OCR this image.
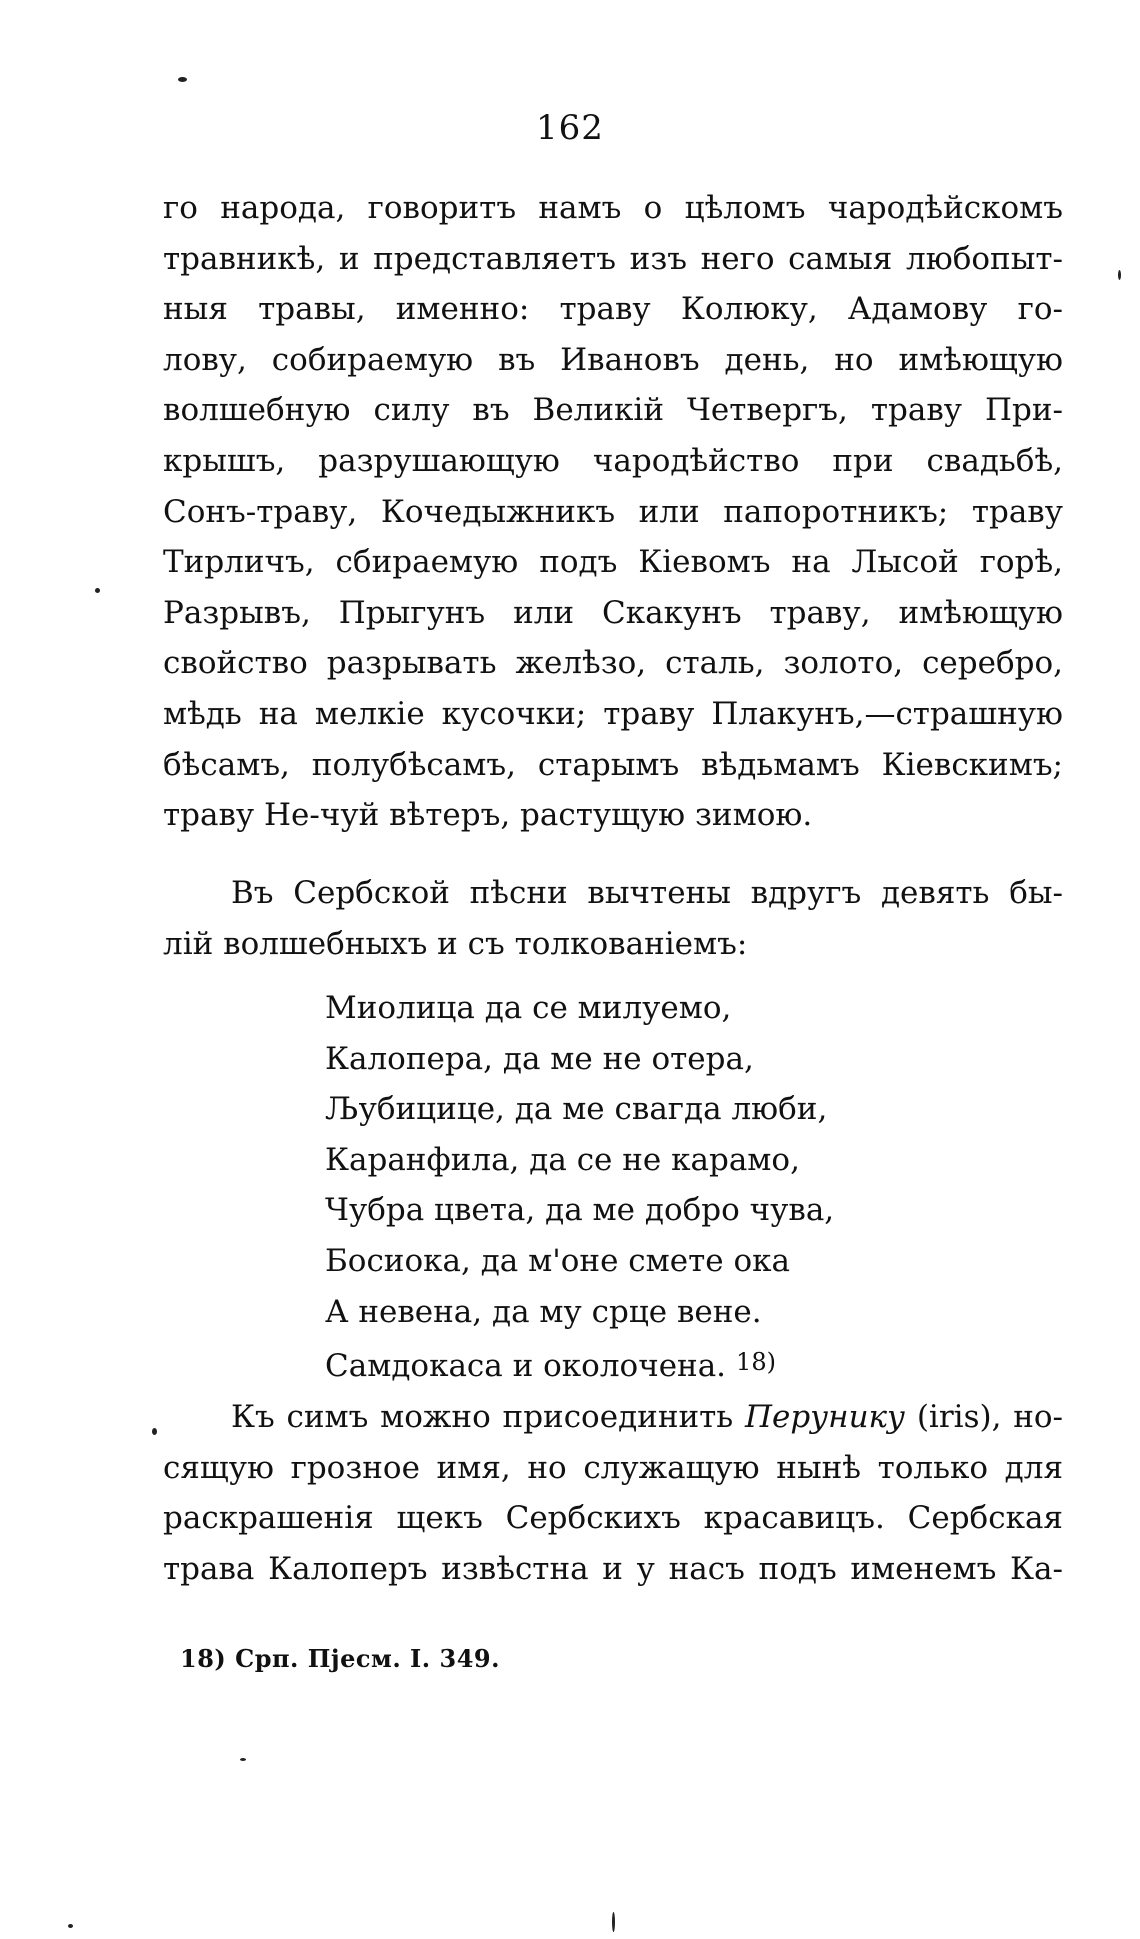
162
го народа, говоритъ намъ о цѣломъ чародѣйскомъ
травникѣ, и представляетъ изъ него самыя любопыт-
ныя травы, именно: траву Колюку, Адамову го-
лову, собираемую въ Ивановъ день, но имѣющую
волшебную силу въ Великій Четвергъ, траву При-
крышъ, разрушающую чародѣйство при свадьбѣ,
Сонъ-траву, Кочедыжникъ или папоротникъ; траву
Тирличъ, сбираемую подъ Кіевомъ на Лысой горѣ,
Разрывъ, Прыгунъ или Скакунъ траву, имѣющую
свойство разрывать желѣзо, сталь, золото, серебро,
мѣдь на мелкіе кусочки; траву Плакунъ,—страшную
бѣсамъ, полубѣсамъ, старымъ вѣдьмамъ Кіевскимъ;
траву Не-чуй вѣтеръ, растущую зимою.
Въ Сербской пѣсни вычтены вдругъ девять бы-
лій волшебныхъ и съ толкованіемъ:
Миолица да се милуемо,
Калопера, да ме не отера,
Љубицице, да ме свагда люби,
Каранфила, да се не карамо,
Чубра цвета, да ме добро чува,
Босиока, да м'оне смете ока
А невена, да му срце вене.
Самдокаса и околочена. $^{18)}$
Къ симъ можно присоединить Перунику (iris), но-
сящую грозное имя, но служащую нынѣ только для
раскрашенія щекъ Сербскихъ красавицъ. Сербская
трава Калоперъ извѣстна и у насъ подъ именемъ Ка-
18) Срп. Пjесм. I. 349.
